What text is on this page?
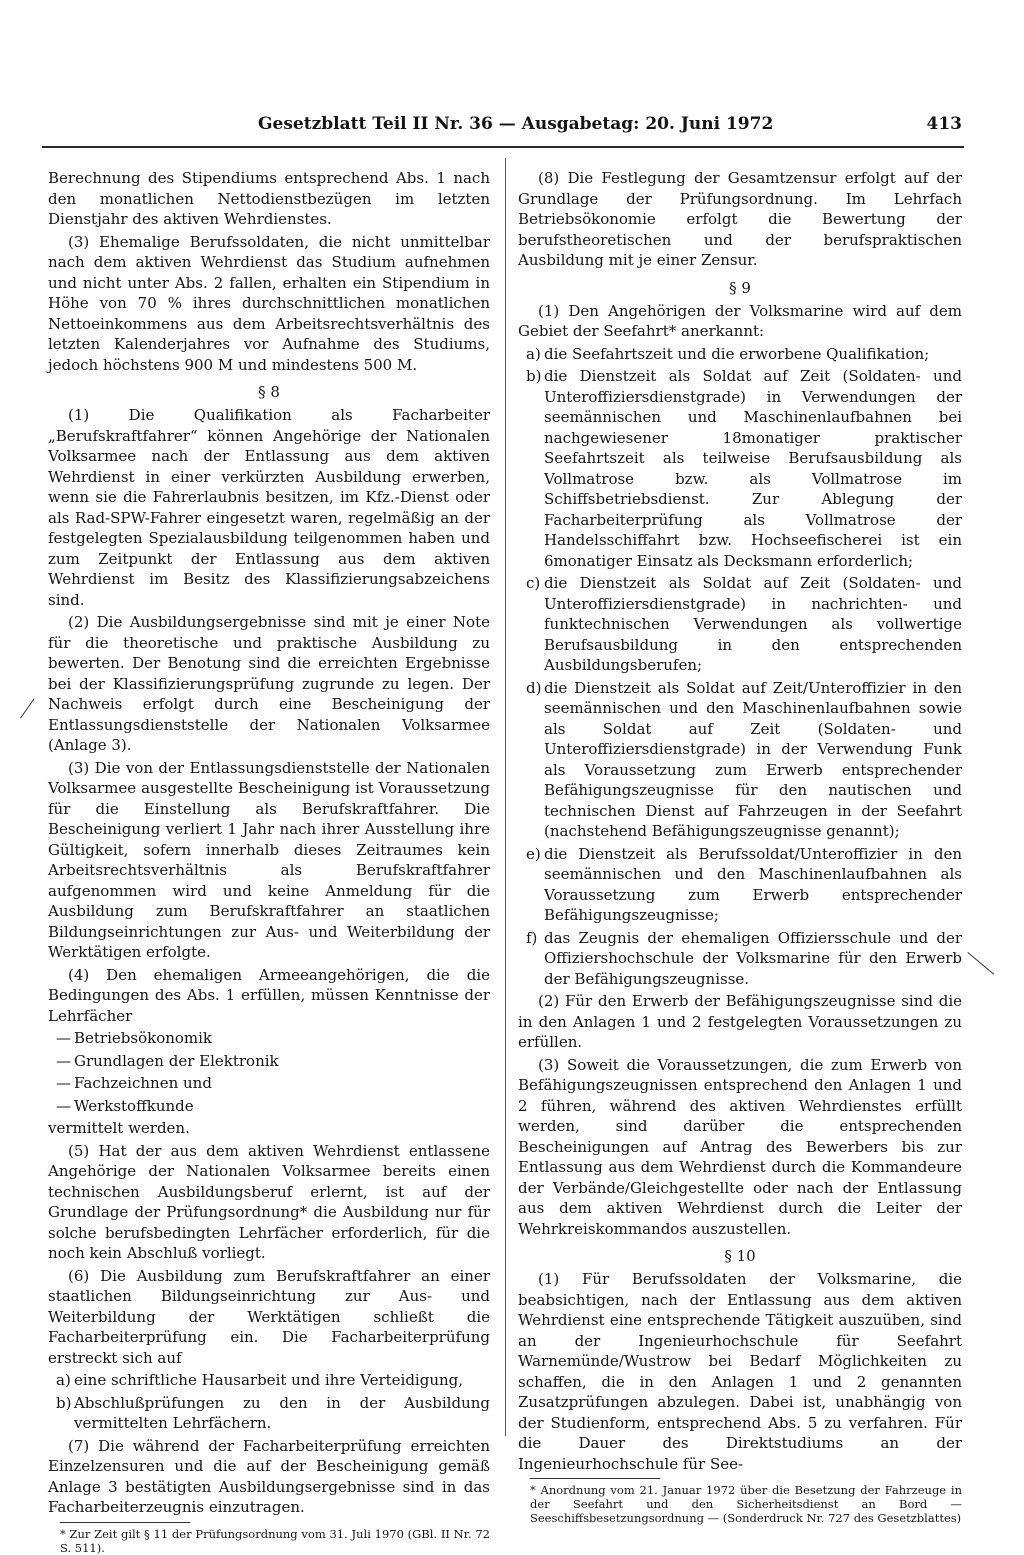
Gesetzblatt Teil II Nr. 36 — Ausgabetag: 20. Juni 1972	413

Berechnung des Stipendiums entsprechend Abs. 1 nach den monatlichen Nettodienstbezügen im letzten Dienstjahr des aktiven Wehrdienstes.

(3) Ehemalige Berufssoldaten, die nicht unmittelbar nach dem aktiven Wehrdienst das Studium aufnehmen und nicht unter Abs. 2 fallen, erhalten ein Stipendium in Höhe von 70 % ihres durchschnittlichen monatlichen Nettoeinkommens aus dem Arbeitsrechtsverhältnis des letzten Kalenderjahres vor Aufnahme des Studiums, jedoch höchstens 900 M und mindestens 500 M.

§ 8

(1) Die Qualifikation als Facharbeiter „Berufskraftfahrer“ können Angehörige der Nationalen Volksarmee nach der Entlassung aus dem aktiven Wehrdienst in einer verkürzten Ausbildung erwerben, wenn sie die Fahrerlaubnis besitzen, im Kfz.-Dienst oder als Rad-SPW-Fahrer eingesetzt waren, regelmäßig an der festgelegten Spezialausbildung teilgenommen haben und zum Zeitpunkt der Entlassung aus dem aktiven Wehrdienst im Besitz des Klassifizierungsabzeichens sind.

(2) Die Ausbildungsergebnisse sind mit je einer Note für die theoretische und praktische Ausbildung zu bewerten. Der Benotung sind die erreichten Ergebnisse bei der Klassifizierungsprüfung zugrunde zu legen. Der Nachweis erfolgt durch eine Bescheinigung der Entlassungsdienststelle der Nationalen Volksarmee (Anlage 3).

(3) Die von der Entlassungsdienststelle der Nationalen Volksarmee ausgestellte Bescheinigung ist Voraussetzung für die Einstellung als Berufskraftfahrer. Die Bescheinigung verliert 1 Jahr nach ihrer Ausstellung ihre Gültigkeit, sofern innerhalb dieses Zeitraumes kein Arbeitsrechtsverhältnis als Berufskraftfahrer aufgenommen wird und keine Anmeldung für die Ausbildung zum Berufskraftfahrer an staatlichen Bildungseinrichtungen zur Aus- und Weiterbildung der Werktätigen erfolgte.

(4) Den ehemaligen Armeeangehörigen, die die Bedingungen des Abs. 1 erfüllen, müssen Kenntnisse der Lehrfächer

— Betriebsökonomik
— Grundlagen der Elektronik
— Fachzeichnen und
— Werkstoffkunde

vermittelt werden.

(5) Hat der aus dem aktiven Wehrdienst entlassene Angehörige der Nationalen Volksarmee bereits einen technischen Ausbildungsberuf erlernt, ist auf der Grundlage der Prüfungsordnung* die Ausbildung nur für solche berufsbedingten Lehrfächer erforderlich, für die noch kein Abschluß vorliegt.

(6) Die Ausbildung zum Berufskraftfahrer an einer staatlichen Bildungseinrichtung zur Aus- und Weiterbildung der Werktätigen schließt die Facharbeiterprüfung ein. Die Facharbeiterprüfung erstreckt sich auf

a) eine schriftliche Hausarbeit und ihre Verteidigung,
b) Abschlußprüfungen zu den in der Ausbildung vermittelten Lehrfächern.

(7) Die während der Facharbeiterprüfung erreichten Einzelzensuren und die auf der Bescheinigung gemäß Anlage 3 bestätigten Ausbildungsergebnisse sind in das Facharbeiterzeugnis einzutragen.

* Zur Zeit gilt § 11 der Prüfungsordnung vom 31. Juli 1970 (GBl. II Nr. 72 S. 511).

(8) Die Festlegung der Gesamtzensur erfolgt auf der Grundlage der Prüfungsordnung. Im Lehrfach Betriebsökonomie erfolgt die Bewertung der berufstheoretischen und der berufspraktischen Ausbildung mit je einer Zensur.

§ 9

(1) Den Angehörigen der Volksmarine wird auf dem Gebiet der Seefahrt* anerkannt:

a) die Seefahrtszeit und die erworbene Qualifikation;
b) die Dienstzeit als Soldat auf Zeit (Soldaten- und Unteroffiziersdienstgrade) in Verwendungen der seemännischen und Maschinenlaufbahnen bei nachgewiesener 18monatiger praktischer Seefahrtszeit als teilweise Berufsausbildung als Vollmatrose bzw. als Vollmatrose im Schiffsbetriebsdienst. Zur Ablegung der Facharbeiterprüfung als Vollmatrose der Handelsschiffahrt bzw. Hochseefischerei ist ein 6monatiger Einsatz als Decksmann erforderlich;
c) die Dienstzeit als Soldat auf Zeit (Soldaten- und Unteroffiziersdienstgrade) in nachrichten- und funktechnischen Verwendungen als vollwertige Berufsausbildung in den entsprechenden Ausbildungsberufen;
d) die Dienstzeit als Soldat auf Zeit/Unteroffizier in den seemännischen und den Maschinenlaufbahnen sowie als Soldat auf Zeit (Soldaten- und Unteroffiziersdienstgrade) in der Verwendung Funk als Voraussetzung zum Erwerb entsprechender Befähigungszeugnisse für den nautischen und technischen Dienst auf Fahrzeugen in der Seefahrt (nachstehend Befähigungszeugnisse genannt);
e) die Dienstzeit als Berufssoldat/Unteroffizier in den seemännischen und den Maschinenlaufbahnen als Voraussetzung zum Erwerb entsprechender Befähigungszeugnisse;
f) das Zeugnis der ehemaligen Offiziersschule und der Offiziershochschule der Volksmarine für den Erwerb der Befähigungszeugnisse.

(2) Für den Erwerb der Befähigungszeugnisse sind die in den Anlagen 1 und 2 festgelegten Voraussetzungen zu erfüllen.

(3) Soweit die Voraussetzungen, die zum Erwerb von Befähigungszeugnissen entsprechend den Anlagen 1 und 2 führen, während des aktiven Wehrdienstes erfüllt werden, sind darüber die entsprechenden Bescheinigungen auf Antrag des Bewerbers bis zur Entlassung aus dem Wehrdienst durch die Kommandeure der Verbände/Gleichgestellte oder nach der Entlassung aus dem aktiven Wehrdienst durch die Leiter der Wehrkreiskommandos auszustellen.

§ 10

(1) Für Berufssoldaten der Volksmarine, die beabsichtigen, nach der Entlassung aus dem aktiven Wehrdienst eine entsprechende Tätigkeit auszuüben, sind an der Ingenieurhochschule für Seefahrt Warnemünde/Wustrow bei Bedarf Möglichkeiten zu schaffen, die in den Anlagen 1 und 2 genannten Zusatzprüfungen abzulegen. Dabei ist, unabhängig von der Studienform, entsprechend Abs. 5 zu verfahren. Für die Dauer des Direktstudiums an der Ingenieurhochschule für See-

* Anordnung vom 21. Januar 1972 über die Besetzung der Fahrzeuge in der Seefahrt und den Sicherheitsdienst an Bord — Seeschiffsbesetzungsordnung — (Sonderdruck Nr. 727 des Gesetzblattes)
